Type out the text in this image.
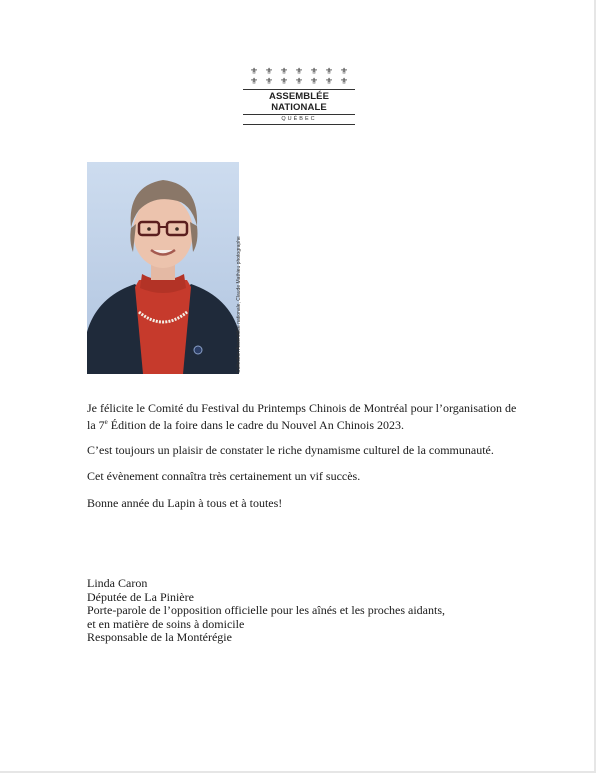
⚜ ⚜ ⚜ ⚜ ⚜ ⚜ ⚜
⚜ ⚜ ⚜ ⚜ ⚜ ⚜ ⚜
ASSEMBLÉE NATIONALE
QUÉBEC
Collection Assemblée nationale, Claude Mathieu photographe
Je félicite le Comité du Festival du Printemps Chinois de Montréal pour l’organisation de la 7e Édition de la foire dans le cadre du Nouvel An Chinois 2023.
C’est toujours un plaisir de constater le riche dynamisme culturel de la communauté.
Cet évènement connaîtra très certainement un vif succès.
Bonne année du Lapin à tous et à toutes!
Linda Caron
Députée de La Pinière
Porte-parole de l’opposition officielle pour les aînés et les proches aidants,
et en matière de soins à domicile
Responsable de la Montérégie
